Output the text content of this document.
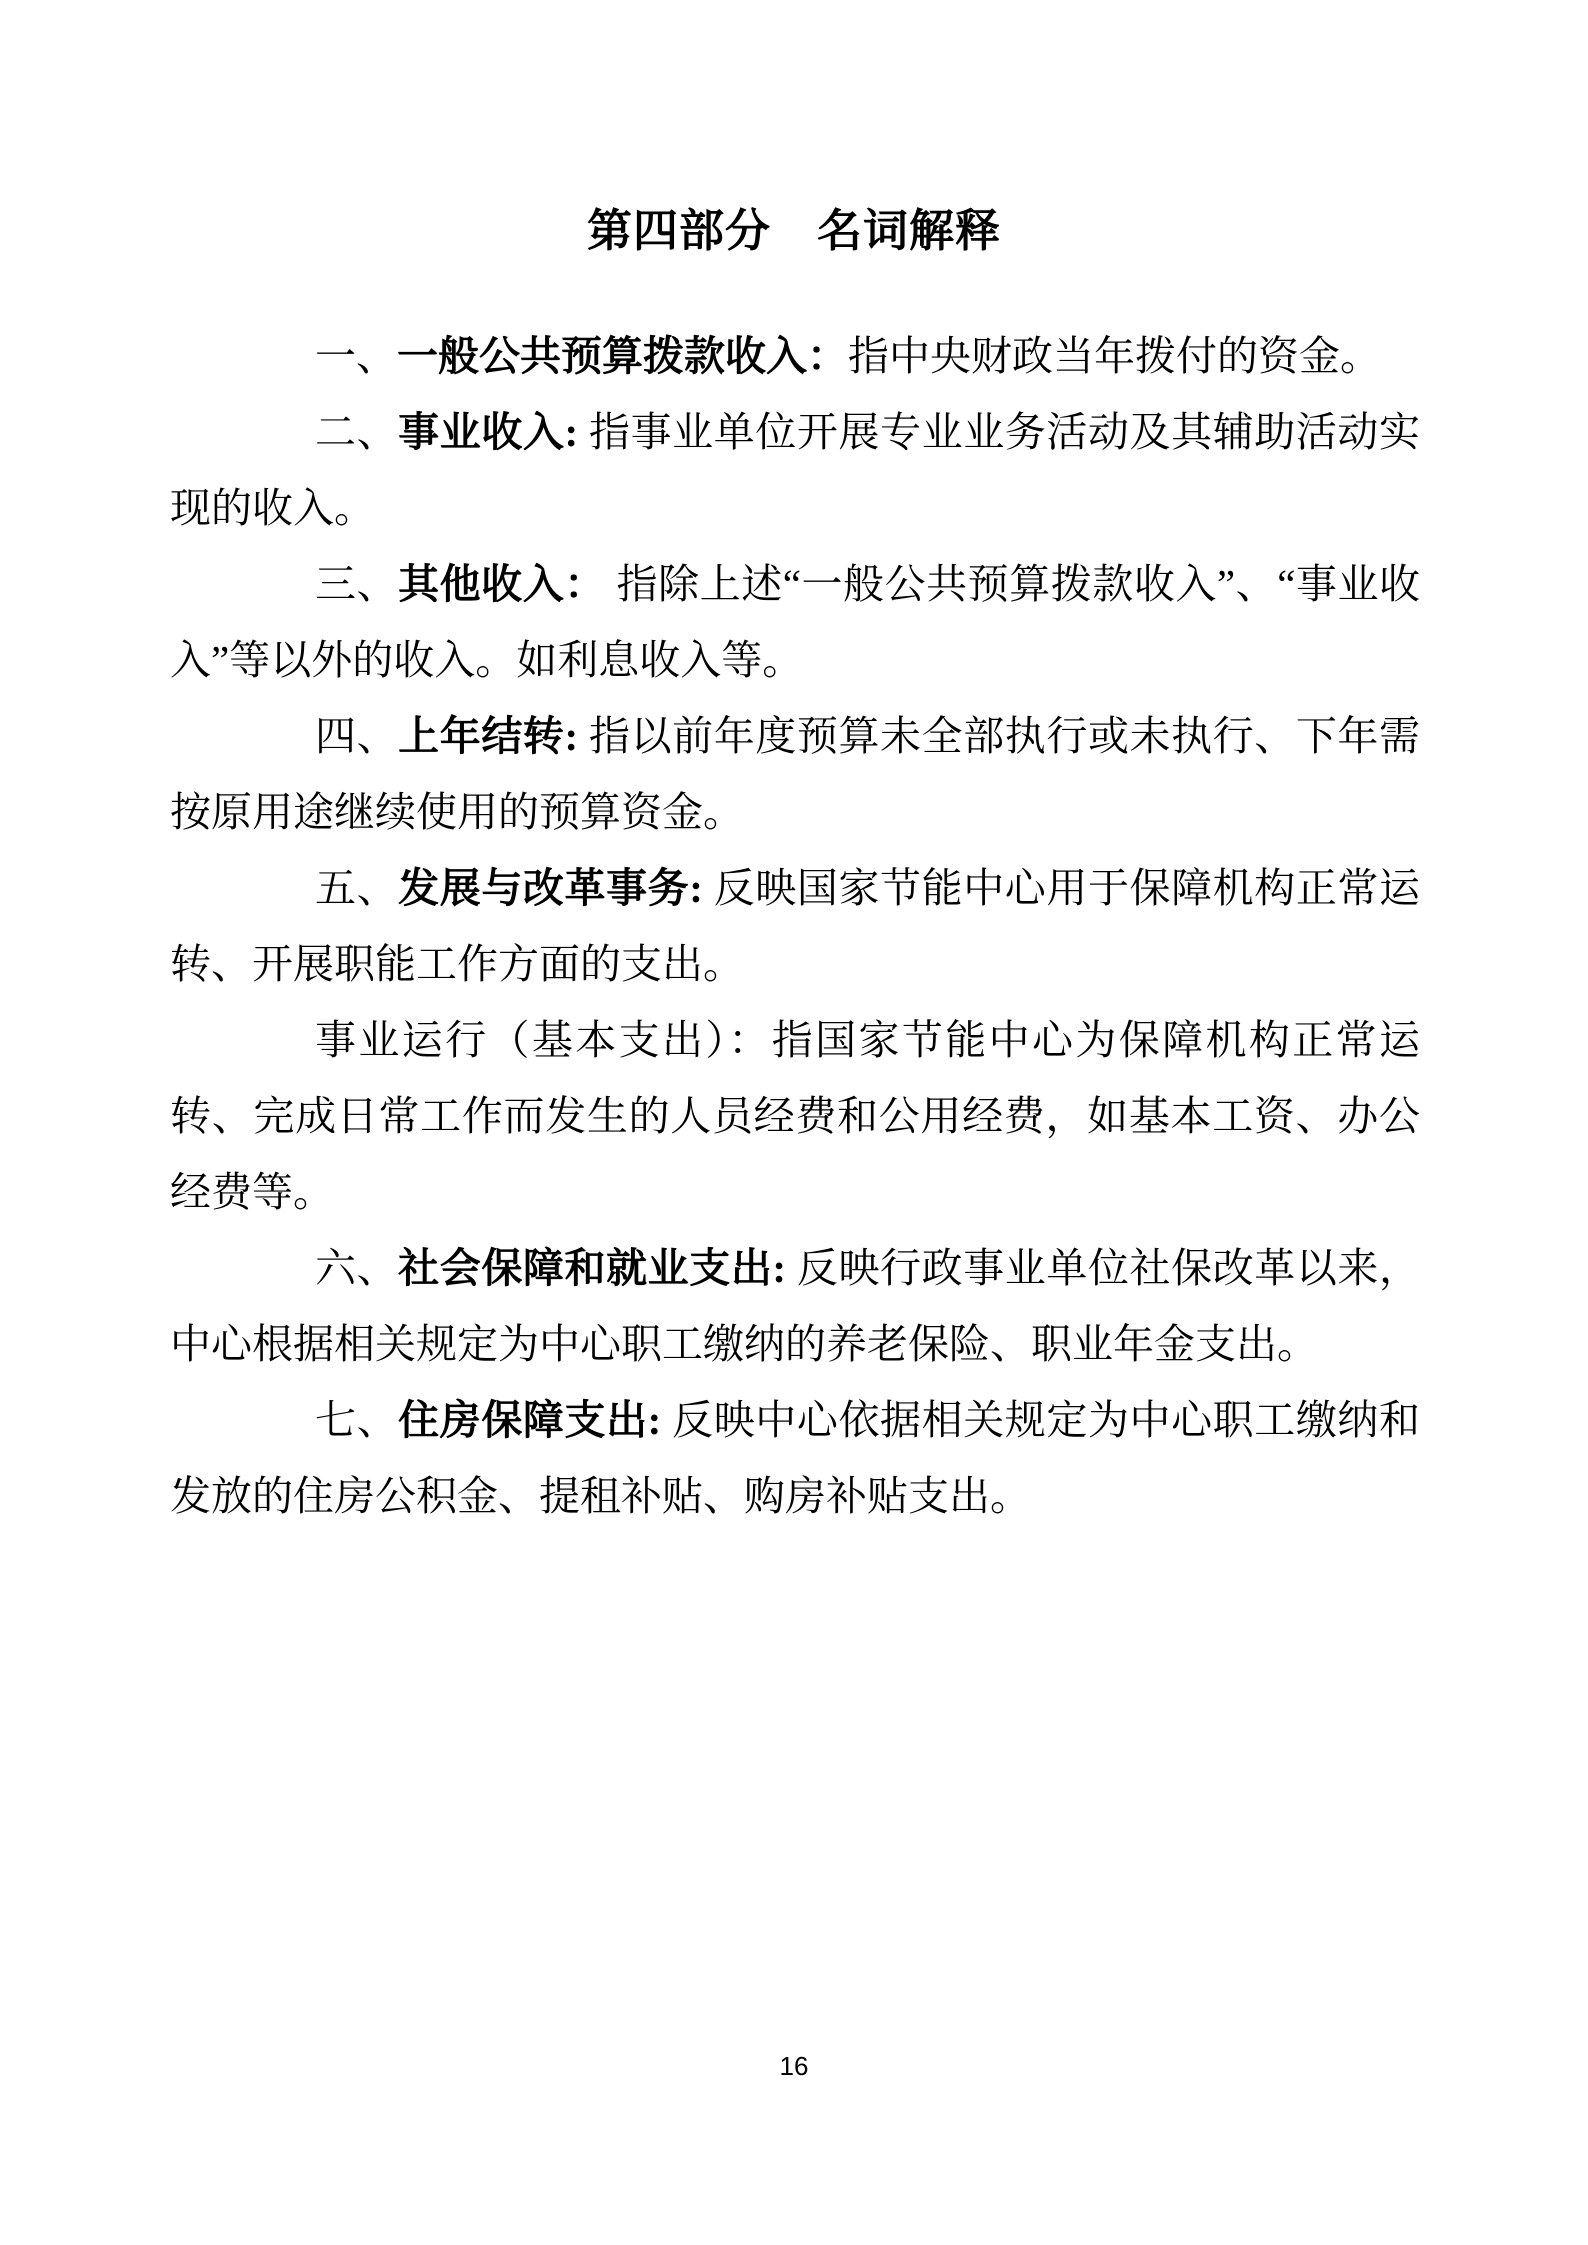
第四部分　名词解释

一、一般公共预算拨款收入：指中央财政当年拨付的资金。

二、事业收入: 指事业单位开展专业业务活动及其辅助活动实现的收入。

三、其他收入： 指除上述“一般公共预算拨款收入”、“事业收入”等以外的收入。如利息收入等。

四、上年结转: 指以前年度预算未全部执行或未执行、下年需按原用途继续使用的预算资金。

五、发展与改革事务: 反映国家节能中心用于保障机构正常运转、开展职能工作方面的支出。

事业运行（基本支出）：指国家节能中心为保障机构正常运转、完成日常工作而发生的人员经费和公用经费，如基本工资、办公经费等。

六、社会保障和就业支出: 反映行政事业单位社保改革以来，中心根据相关规定为中心职工缴纳的养老保险、职业年金支出。

七、住房保障支出: 反映中心依据相关规定为中心职工缴纳和发放的住房公积金、提租补贴、购房补贴支出。

16
